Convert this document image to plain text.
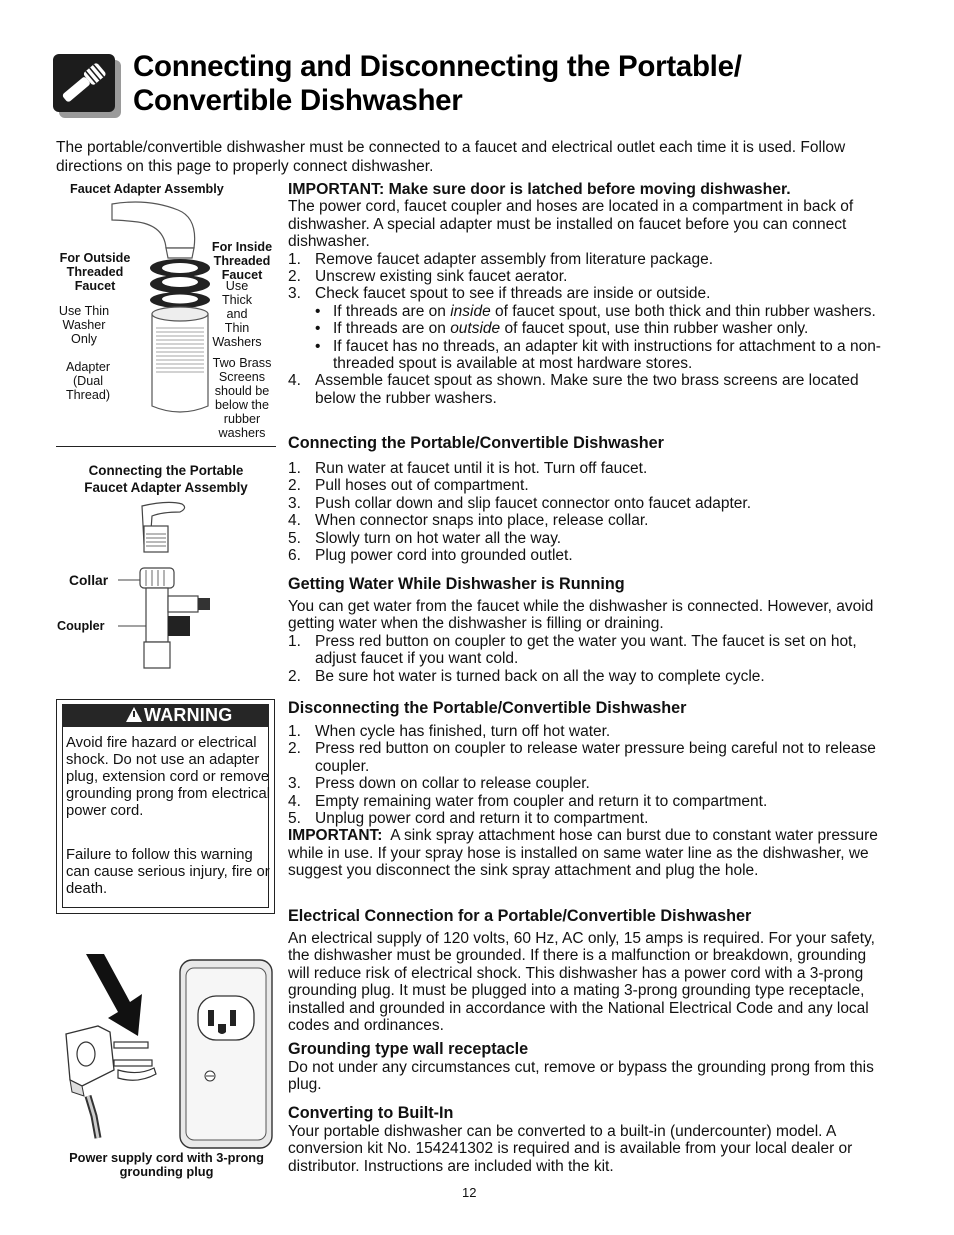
Connecting and Disconnecting the Portable/
Convertible Dishwasher

The portable/convertible dishwasher must be connected to a faucet and electrical outlet each time it is used. Follow directions on this page to properly connect dishwasher.

Faucet Adapter Assembly
For Outside
Threaded
Faucet
For Inside
Threaded
Faucet
Use Thin
Washer
Only
Use
Thick
and
Thin
Washers
Adapter
(Dual
Thread)
Two Brass
Screens
should be
below the
rubber
washers
Connecting the Portable
Faucet Adapter Assembly
Collar
Coupler
WARNING

Avoid fire hazard or electrical shock. Do not use an adapter plug, extension cord or remove grounding prong from electrical power cord.

Failure to follow this warning can cause serious injury, fire or death.

Power supply cord with 3-prong
grounding plug
IMPORTANT: Make sure door is latched before moving dishwasher.

The power cord, faucet coupler and hoses are located in a compartment in back of dishwasher. A special adapter must be installed on faucet before you can connect dishwasher.

1. Remove faucet adapter assembly from literature package.
2. Unscrew existing sink faucet aerator.
3. Check faucet spout to see if threads are inside or outside.
• If threads are on inside of faucet spout, use both thick and thin rubber washers.
• If threads are on outside of faucet spout, use thin rubber washer only.
• If faucet has no threads, an adapter kit with instructions for attachment to a non-threaded spout is available at most hardware stores.
4. Assemble faucet spout as shown. Make sure the two brass screens are located below the rubber washers.
Connecting the Portable/Convertible Dishwasher
1. Run water at faucet until it is hot. Turn off faucet.
2. Pull hoses out of compartment.
3. Push collar down and slip faucet connector onto faucet adapter.
4. When connector snaps into place, release collar.
5. Slowly turn on hot water all the way.
6. Plug power cord into grounded outlet.
Getting Water While Dishwasher is Running

You can get water from the faucet while the dishwasher is connected. However, avoid getting water when the dishwasher is filling or draining.

1. Press red button on coupler to get the water you want. The faucet is set on hot, adjust faucet if you want cold.
2. Be sure hot water is turned back on all the way to complete cycle.
Disconnecting the Portable/Convertible Dishwasher
1. When cycle has finished, turn off hot water.
2. Press red button on coupler to release water pressure being careful not to release coupler.
3. Press down on collar to release coupler.
4. Empty remaining water from coupler and return it to compartment.
5. Unplug power cord and return it to compartment.

IMPORTANT: A sink spray attachment hose can burst due to constant water pressure while in use. If your spray hose is installed on same water line as the dishwasher, we suggest you disconnect the sink spray attachment and plug the hole.

Electrical Connection for a Portable/Convertible Dishwasher

An electrical supply of 120 volts, 60 Hz, AC only, 15 amps is required. For your safety, the dishwasher must be grounded. If there is a malfunction or breakdown, grounding will reduce risk of electrical shock. This dishwasher has a power cord with a 3-prong grounding plug. It must be plugged into a mating 3-prong grounding type receptacle, installed and grounded in accordance with the National Electrical Code and any local codes and ordinances.

Grounding type wall receptacle

Do not under any circumstances cut, remove or bypass the grounding prong from this plug.

Converting to Built-In

Your portable dishwasher can be converted to a built-in (undercounter) model. A conversion kit No. 154241302 is required and is available from your local dealer or distributor. Instructions are included with the kit.

12
